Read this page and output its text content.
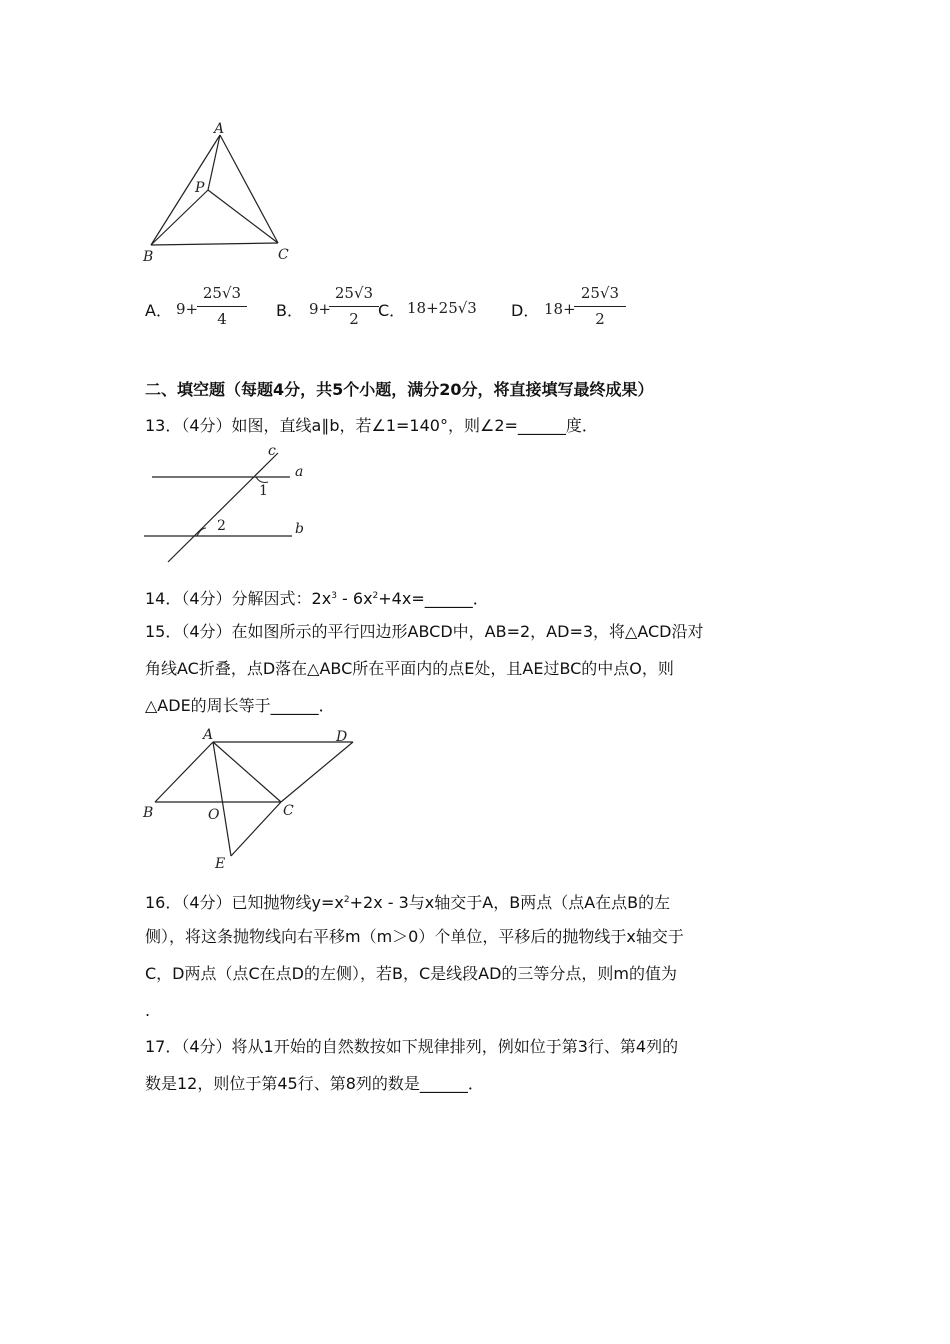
A
P
B	C
A． 9+
25√3
4	B． 9+
25√3
2	C． 18+25√3 D． 18+
25√3
2
二、填空题（每题4分，共5个小题，满分20分，将直接填写最终成果）
13．（4分）如图，直线a∥b，若∠1=140°，则∠2=______度．
c
a
b
1
2
14．（4分）分解因式：$2x^3$ - $6x^2+4x=\_\_\_\_\_\_$．
15．（4分）在如图所示的平行四边形ABCD中，AB=2，AD=3，将△ACD沿对
角线AC折叠，点D落在△ABC所在平面内的点E处，且AE过BC的中点O，则
△ADE的周长等于______．
A	D
B	O	C
E
16．（4分）已知抛物线$y=x^2+2x - 3$与x轴交于A，B两点（点A在点B的左
侧），将这条抛物线向右平移m（m＞0）个单位，平移后的抛物线于x轴交于
C，D两点（点C在点D的左侧），若B，C是线段AD的三等分点，则m的值为
.
17．（4分）将从1开始的自然数按如下规律排列，例如位于第3行、第4列的
数是12，则位于第45行、第8列的数是______．
